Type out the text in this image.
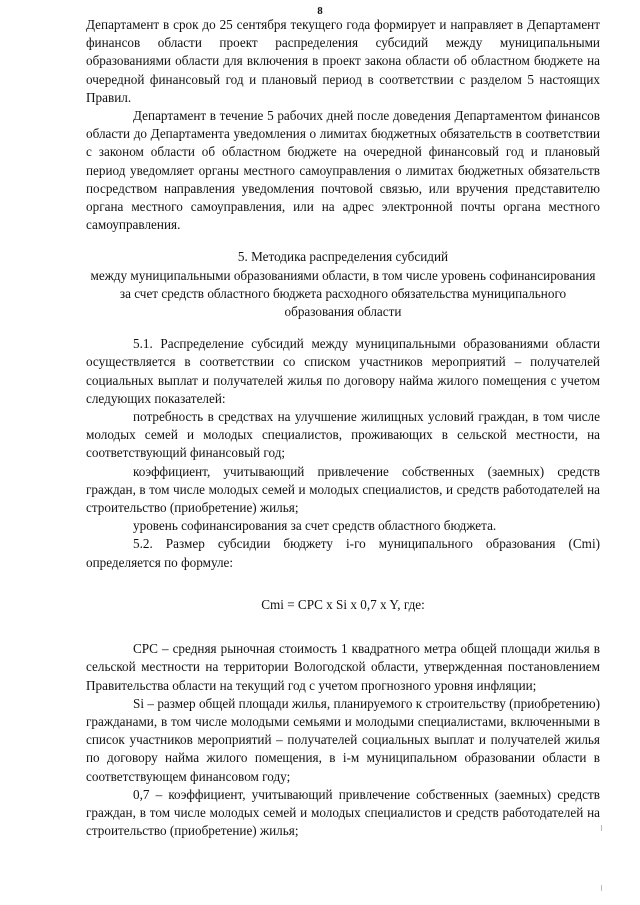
8

Департамент в срок до 25 сентября текущего года формирует и направляет в Департамент финансов области проект распределения субсидий между муниципальными образованиями области для включения в проект закона области об областном бюджете на очередной финансовый год и плановый период в соответствии с разделом 5 настоящих Правил.

Департамент в течение 5 рабочих дней после доведения Департаментом финансов области до Департамента уведомления о лимитах бюджетных обязательств в соответствии с законом области об областном бюджете на очередной финансовый год и плановый период уведомляет органы местного самоуправления о лимитах бюджетных обязательств посредством направления уведомления почтовой связью, или вручения представителю органа местного самоуправления, или на адрес электронной почты органа местного самоуправления.

5. Методика распределения субсидий
между муниципальными образованиями области, в том числе уровень софинансирования за счет средств областного бюджета расходного обязательства муниципального образования области

5.1. Распределение субсидий между муниципальными образованиями области осуществляется в соответствии со списком участников мероприятий – получателей социальных выплат и получателей жилья по договору найма жилого помещения с учетом следующих показателей:

потребность в средствах на улучшение жилищных условий граждан, в том числе молодых семей и молодых специалистов, проживающих в сельской местности, на соответствующий финансовый год;

коэффициент, учитывающий привлечение собственных (заемных) средств граждан, в том числе молодых семей и молодых специалистов, и средств работодателей на строительство (приобретение) жилья;

уровень софинансирования за счет средств областного бюджета.

5.2. Размер субсидии бюджету i-го муниципального образования (Cmi) определяется по формуле:

Cmi = CPC x Si x 0,7 x Y, где:

CPC – средняя рыночная стоимость 1 квадратного метра общей площади жилья в сельской местности на территории Вологодской области, утвержденная постановлением Правительства области на текущий год с учетом прогнозного уровня инфляции;

Si – размер общей площади жилья, планируемого к строительству (приобретению) гражданами, в том числе молодыми семьями и молодыми специалистами, включенными в список участников мероприятий – получателей социальных выплат и получателей жилья по договору найма жилого помещения, в i-м муниципальном образовании области в соответствующем финансовом году;

0,7 – коэффициент, учитывающий привлечение собственных (заемных) средств граждан, в том числе молодых семей и молодых специалистов и средств работодателей на строительство (приобретение) жилья;
